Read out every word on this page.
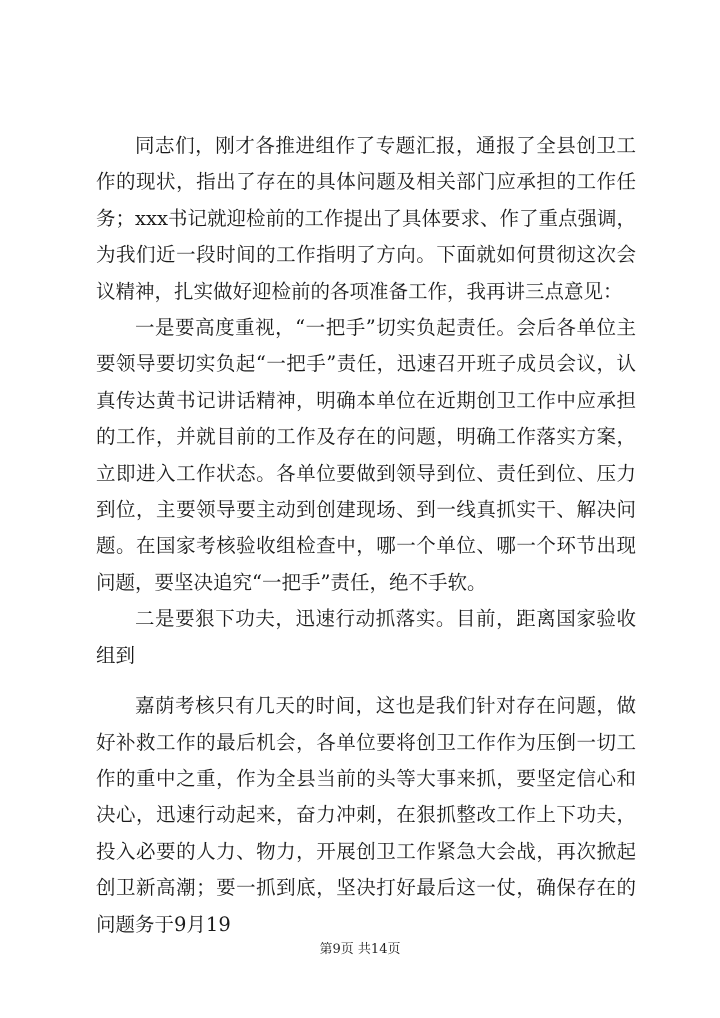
同志们，刚才各推进组作了专题汇报，通报了全县创卫工作的现状，指出了存在的具体问题及相关部门应承担的工作任务；xxx书记就迎检前的工作提出了具体要求、作了重点强调，为我们近一段时间的工作指明了方向。下面就如何贯彻这次会议精神，扎实做好迎检前的各项准备工作，我再讲三点意见：

一是要高度重视，“一把手”切实负起责任。会后各单位主要领导要切实负起“一把手”责任，迅速召开班子成员会议，认真传达黄书记讲话精神，明确本单位在近期创卫工作中应承担的工作，并就目前的工作及存在的问题，明确工作落实方案，立即进入工作状态。各单位要做到领导到位、责任到位、压力到位，主要领导要主动到创建现场、到一线真抓实干、解决问题。在国家考核验收组检查中，哪一个单位、哪一个环节出现问题，要坚决追究“一把手”责任，绝不手软。

二是要狠下功夫，迅速行动抓落实。目前，距离国家验收组到

嘉荫考核只有几天的时间，这也是我们针对存在问题，做好补救工作的最后机会，各单位要将创卫工作作为压倒一切工作的重中之重，作为全县当前的头等大事来抓，要坚定信心和决心，迅速行动起来，奋力冲刺，在狠抓整改工作上下功夫，投入必要的人力、物力，开展创卫工作紧急大会战，再次掀起创卫新高潮；要一抓到底，坚决打好最后这一仗，确保存在的问题务于9月19

第9页 共14页
